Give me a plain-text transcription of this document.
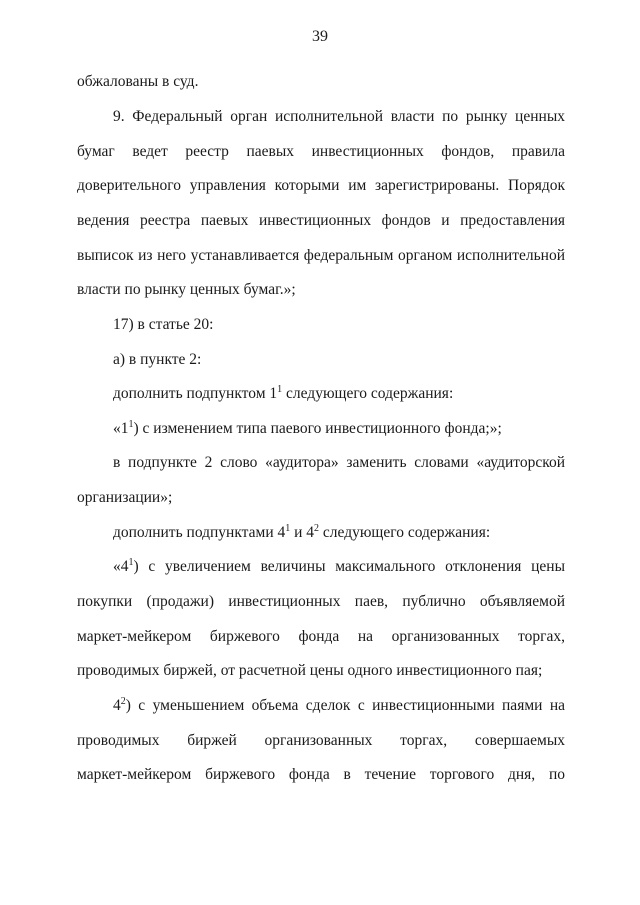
39
обжалованы в суд.
9. Федеральный орган исполнительной власти по рынку ценных
бумаг ведет реестр паевых инвестиционных фондов, правила
доверительного управления которыми им зарегистрированы. Порядок
ведения реестра паевых инвестиционных фондов и предоставления
выписок из него устанавливается федеральным органом исполнительной
власти по рынку ценных бумаг.»;
17) в статье 20:
а) в пункте 2:
дополнить подпунктом $1^1$ следующего содержания:
«$1^1$) с изменением типа паевого инвестиционного фонда;»;
в подпункте 2 слово «аудитора» заменить словами «аудиторской
организации»;
дополнить подпунктами $4^1$ и $4^2$ следующего содержания:
«$4^1$) с увеличением величины максимального отклонения цены
покупки (продажи) инвестиционных паев, публично объявляемой
маркет-мейкером биржевого фонда на организованных торгах,
проводимых биржей, от расчетной цены одного инвестиционного пая;
$4^2$) с уменьшением объема сделок с инвестиционными паями на
проводимых биржей организованных торгах, совершаемых
маркет-мейкером биржевого фонда в течение торгового дня, по
